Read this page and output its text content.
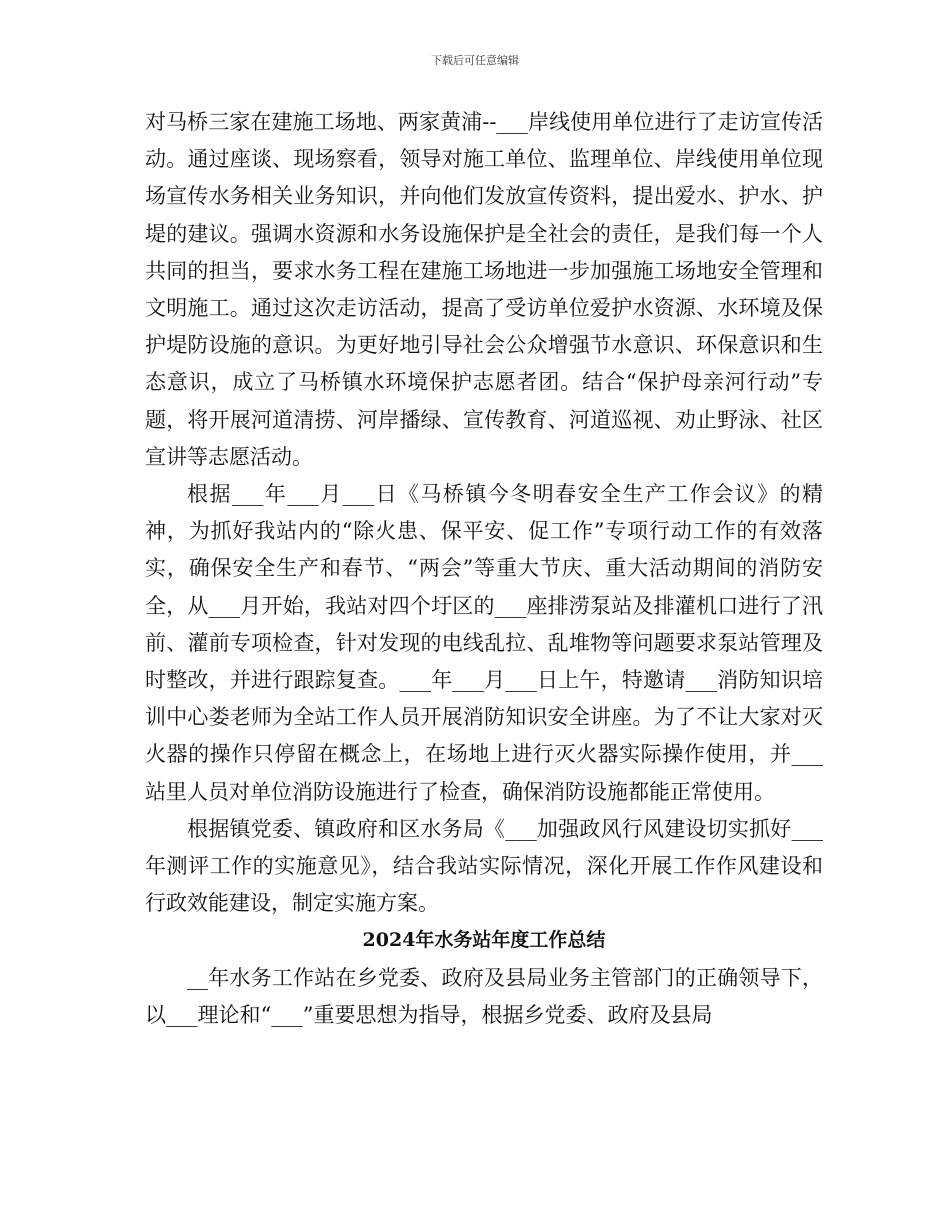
下载后可任意编辑

对马桥三家在建施工场地、两家黄浦--___岸线使用单位进行了走访宣传活动。通过座谈、现场察看，领导对施工单位、监理单位、岸线使用单位现场宣传水务相关业务知识，并向他们发放宣传资料，提出爱水、护水、护堤的建议。强调水资源和水务设施保护是全社会的责任，是我们每一个人共同的担当，要求水务工程在建施工场地进一步加强施工场地安全管理和文明施工。通过这次走访活动，提高了受访单位爱护水资源、水环境及保护堤防设施的意识。为更好地引导社会公众增强节水意识、环保意识和生态意识，成立了马桥镇水环境保护志愿者团。结合“保护母亲河行动”专题，将开展河道清捞、河岸播绿、宣传教育、河道巡视、劝止野泳、社区宣讲等志愿活动。

根据___年___月___日《马桥镇今冬明春安全生产工作会议》的精神，为抓好我站内的“除火患、保平安、促工作”专项行动工作的有效落实，确保安全生产和春节、“两会”等重大节庆、重大活动期间的消防安全，从___月开始，我站对四个圩区的___座排涝泵站及排灌机口进行了汛前、灌前专项检查，针对发现的电线乱拉、乱堆物等问题要求泵站管理及时整改，并进行跟踪复查。___年___月___日上午，特邀请___消防知识培训中心娄老师为全站工作人员开展消防知识安全讲座。为了不让大家对灭火器的操作只停留在概念上，在场地上进行灭火器实际操作使用，并___站里人员对单位消防设施进行了检查，确保消防设施都能正常使用。

根据镇党委、镇政府和区水务局《___加强政风行风建设切实抓好___年测评工作的实施意见》，结合我站实际情况，深化开展工作作风建设和行政效能建设，制定实施方案。

2024年水务站年度工作总结

__年水务工作站在乡党委、政府及县局业务主管部门的正确领导下，以___理论和“___”重要思想为指导，根据乡党委、政府及县局
